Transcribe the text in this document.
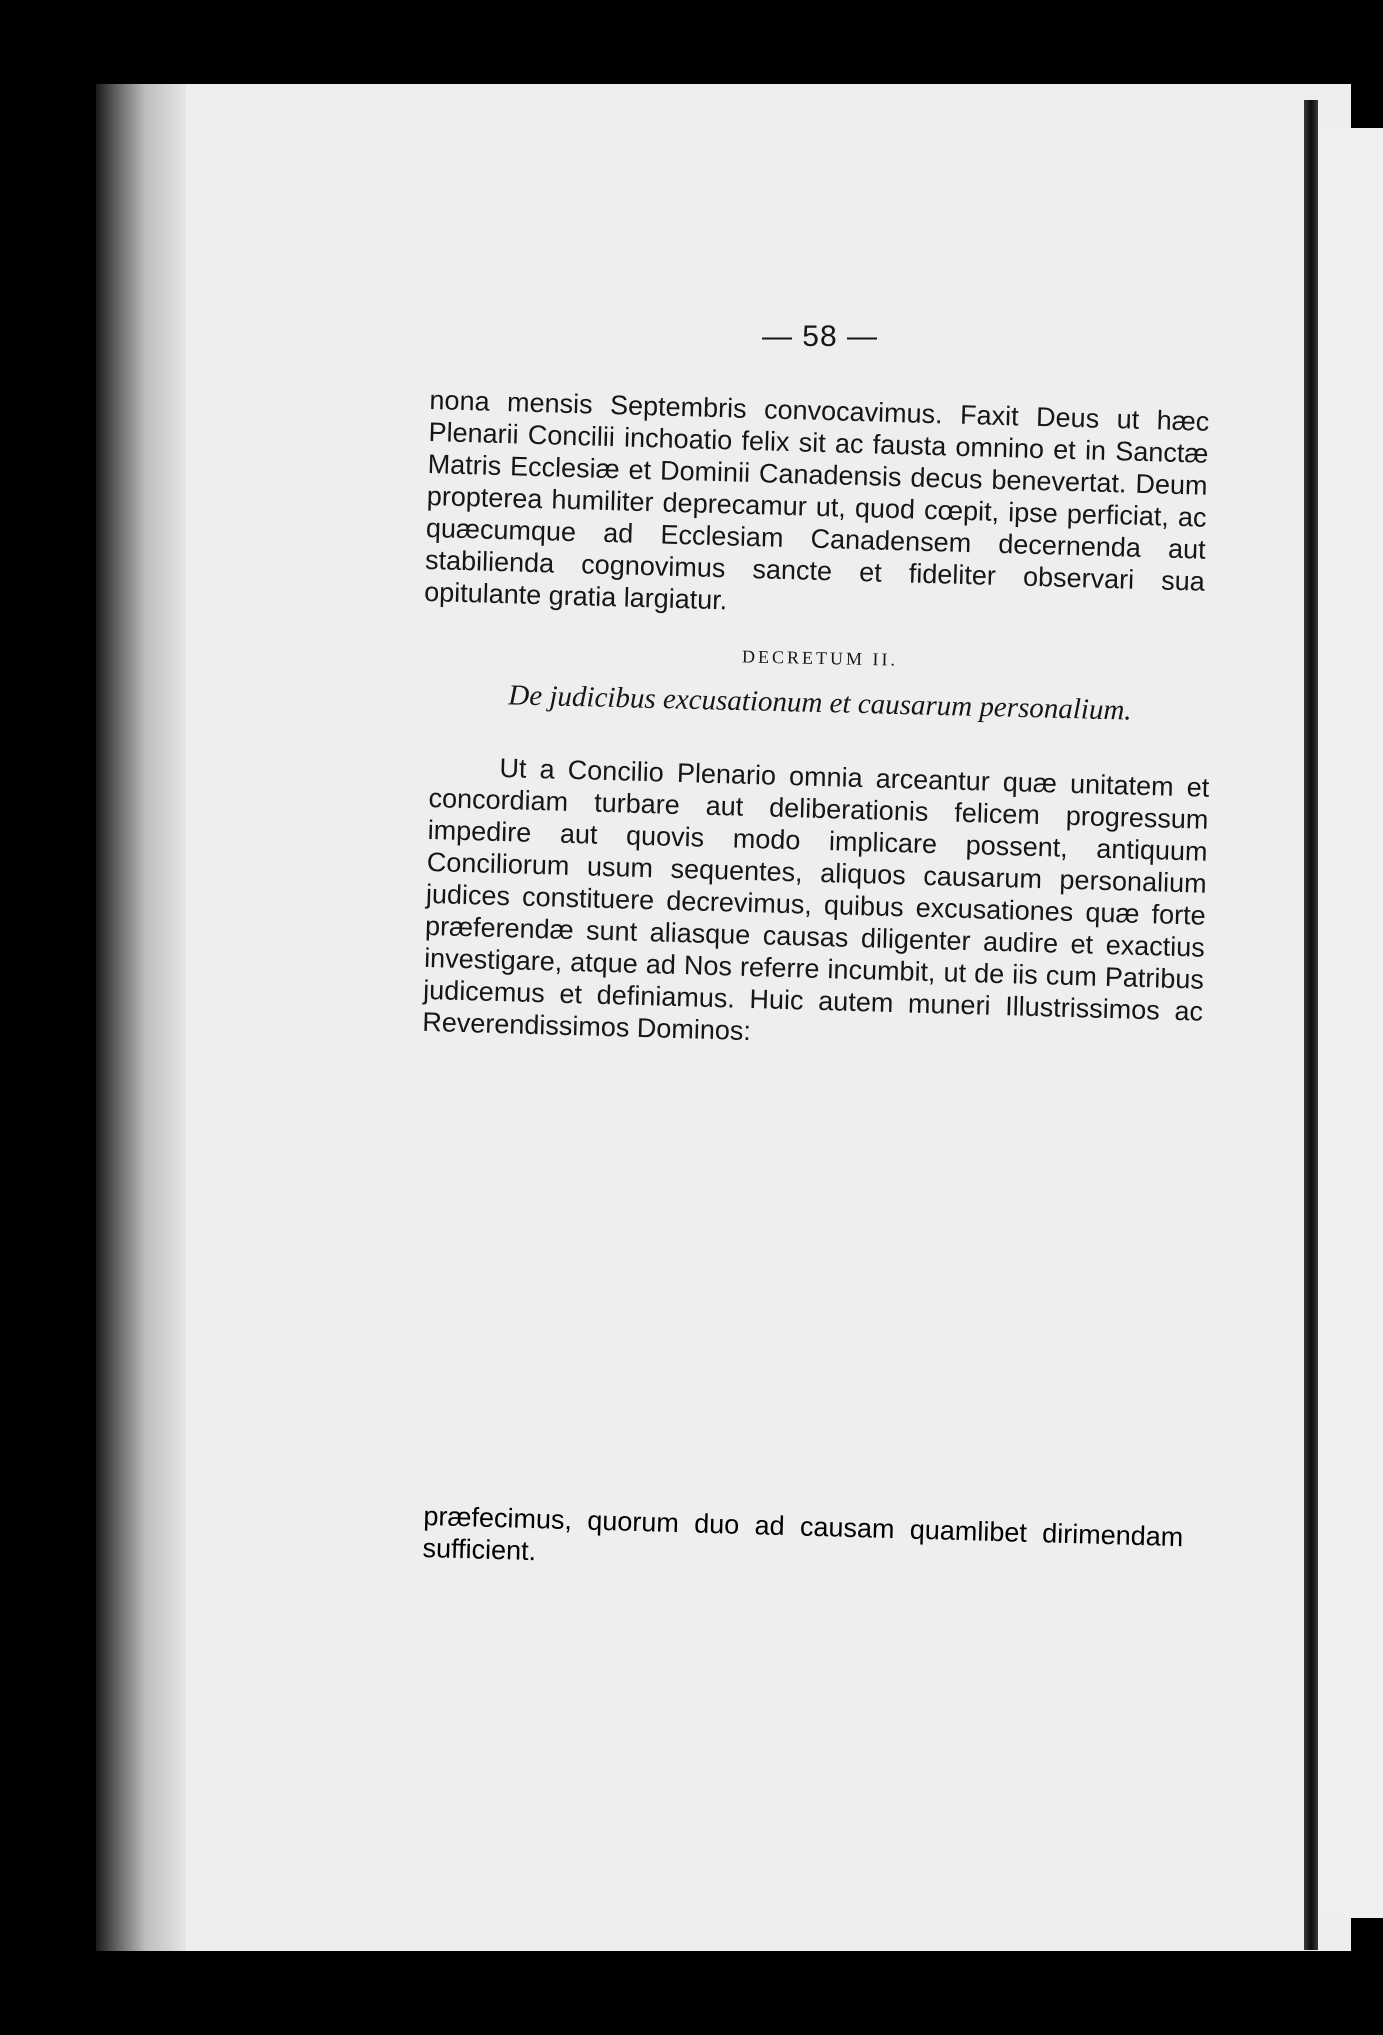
— 58 —

nona mensis Septembris convocavimus. Faxit Deus ut hæc Plenarii Concilii inchoatio felix sit ac fausta omnino et in Sanctæ Matris Ecclesiæ et Dominii Canadensis decus benevertat. Deum propterea humiliter deprecamur ut, quod cœpit, ipse perficiat, ac quæcumque ad Ecclesiam Canadensem decernenda aut stabilienda cognovimus sancte et fideliter observari sua opitulante gratia largiatur.

DECRETUM II.
De judicibus excusationum et causarum personalium.

Ut a Concilio Plenario omnia arceantur quæ unitatem et concordiam turbare aut deliberationis felicem progressum impedire aut quovis modo implicare possent, antiquum Conciliorum usum sequentes, aliquos causarum personalium judices constituere decrevimus, quibus excusationes quæ forte præferendæ sunt aliasque causas diligenter audire et exactius investigare, atque ad Nos referre incumbit, ut de iis cum Patribus judicemus et definiamus. Huic autem muneri Illustrissimos ac Reverendissimos Dominos:

præfecimus, quorum duo ad causam quamlibet dirimendam sufficient.
